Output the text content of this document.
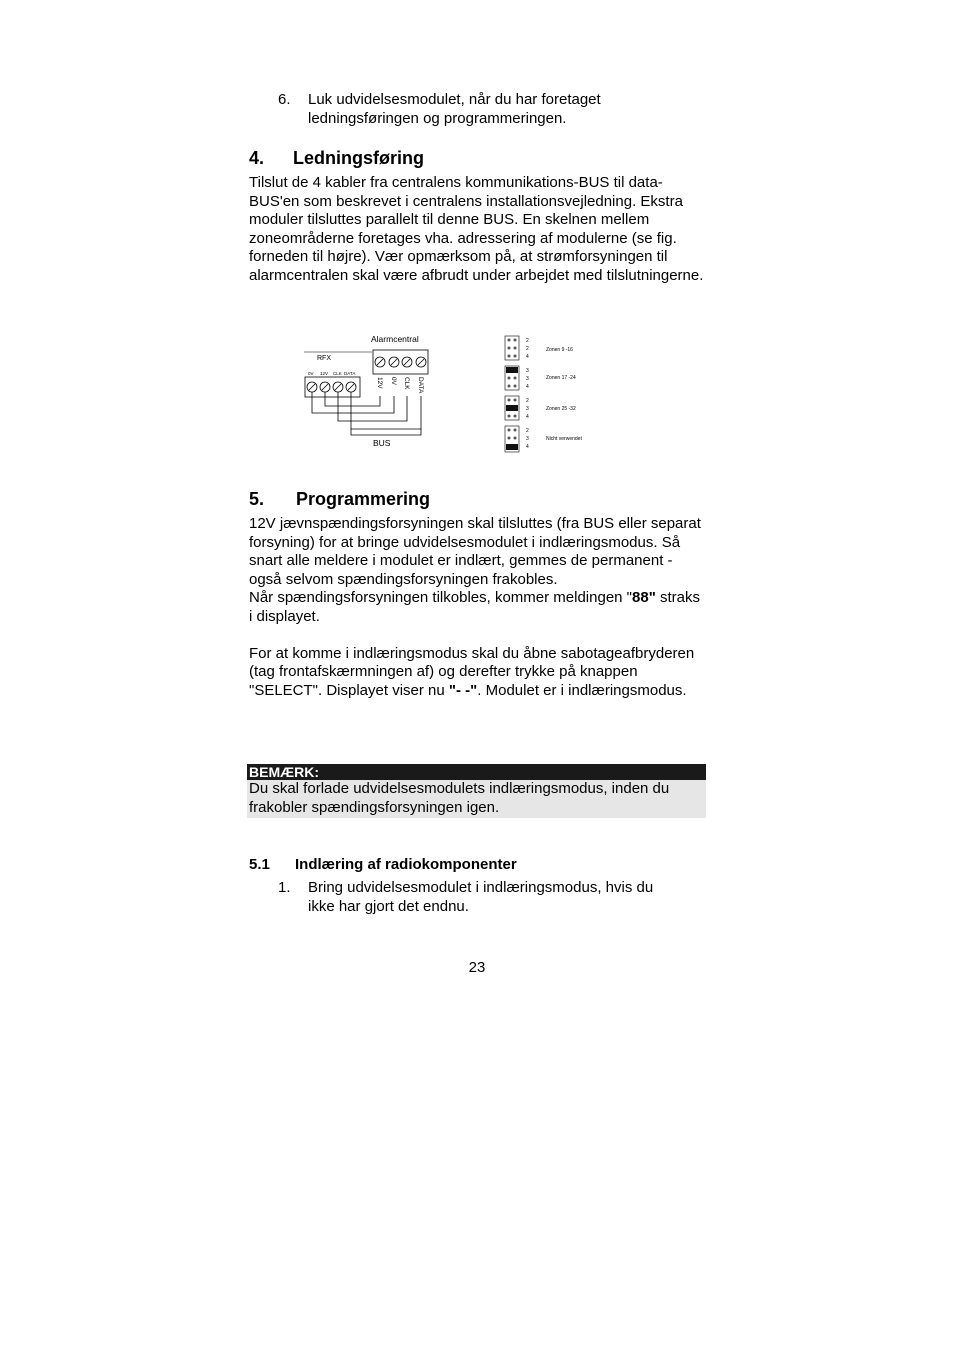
6.	Luk udvidelsesmodulet, når du har foretaget ledningsføringen og programmeringen.
4.	Ledningsføring

Tilslut de 4 kabler fra centralens kommunikations-BUS til data-BUS'en som beskrevet i centralens installationsvejledning. Ekstra moduler tilsluttes parallelt til denne BUS. En skelnen mellem zoneområderne foretages vha. adressering af modulerne (se fig. forneden til højre). Vær opmærksom på, at strømforsyningen til alarmcentralen skal være afbrudt under arbejdet med tilslutningerne.

Alarmcentral
12V 0V CLK DATA
RFX
0V 12V CLK DATA
BUS
2
2
4
Zonen 9 -16
3
3
4
Zonen 17 -24
2
3
4
Zonen 25 -32
2
3
4
Nicht verwendet
5.	Programmering

12V jævnspændingsforsyningen skal tilsluttes (fra BUS eller separat forsyning) for at bringe udvidelsesmodulet i indlæringsmodus. Så snart alle meldere i modulet er indlært, gemmes de permanent - også selvom spændingsforsyningen frakobles.

Når spændingsforsyningen tilkobles, kommer meldingen "88" straks i displayet.

For at komme i indlæringsmodus skal du åbne sabotageafbryderen (tag frontafskærmningen af) og derefter trykke på knappen "SELECT". Displayet viser nu "- -". Modulet er i indlæringsmodus.

BEMÆRK:
Du skal forlade udvidelsesmodulets indlæringsmodus, inden du frakobler spændingsforsyningen igen.
5.1	Indlæring af radiokomponenter
1.	Bring udvidelsesmodulet i indlæringsmodus, hvis du ikke har gjort det endnu.
23
